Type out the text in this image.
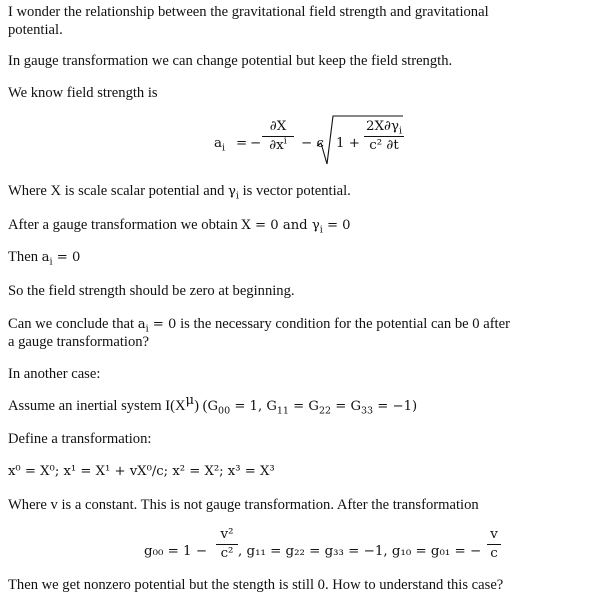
I wonder the relationship between the gravitational field strength and gravitational
potential.
In gauge transformation we can change potential but keep the field strength.
We know field strength is
$a_i$ = −
∂X
$\partial x^i$	− c 1 +
$2X\partial\gamma_i$
c² ∂t
Where X is scale scalar potential and $\gamma_i$ is vector potential.
After a gauge transformation we obtain X = 0 and $\gamma_i = 0$
Then $a_i = 0$
So the field strength should be zero at beginning.
Can we conclude that $a_i = 0$ is the necessary condition for the potential can be 0 after
a gauge transformation?
In another case:
Assume an inertial system $I(X^\mu) (G_{00} = 1$, $G_{11} = G_{22} = G_{33} = -1$)
Define a transformation:
x⁰ = X⁰; x¹ = X¹ + vX⁰/c; x² = X²; x³ = X³
Where v is a constant. This is not gauge transformation. After the transformation
g₀₀ = 1 −
v²
c² , g₁₁ = g₂₂ = g₃₃ = −1, g₁₀ = g₀₁ = −
v
c
Then we get nonzero potential but the stength is still 0. How to understand this case?
